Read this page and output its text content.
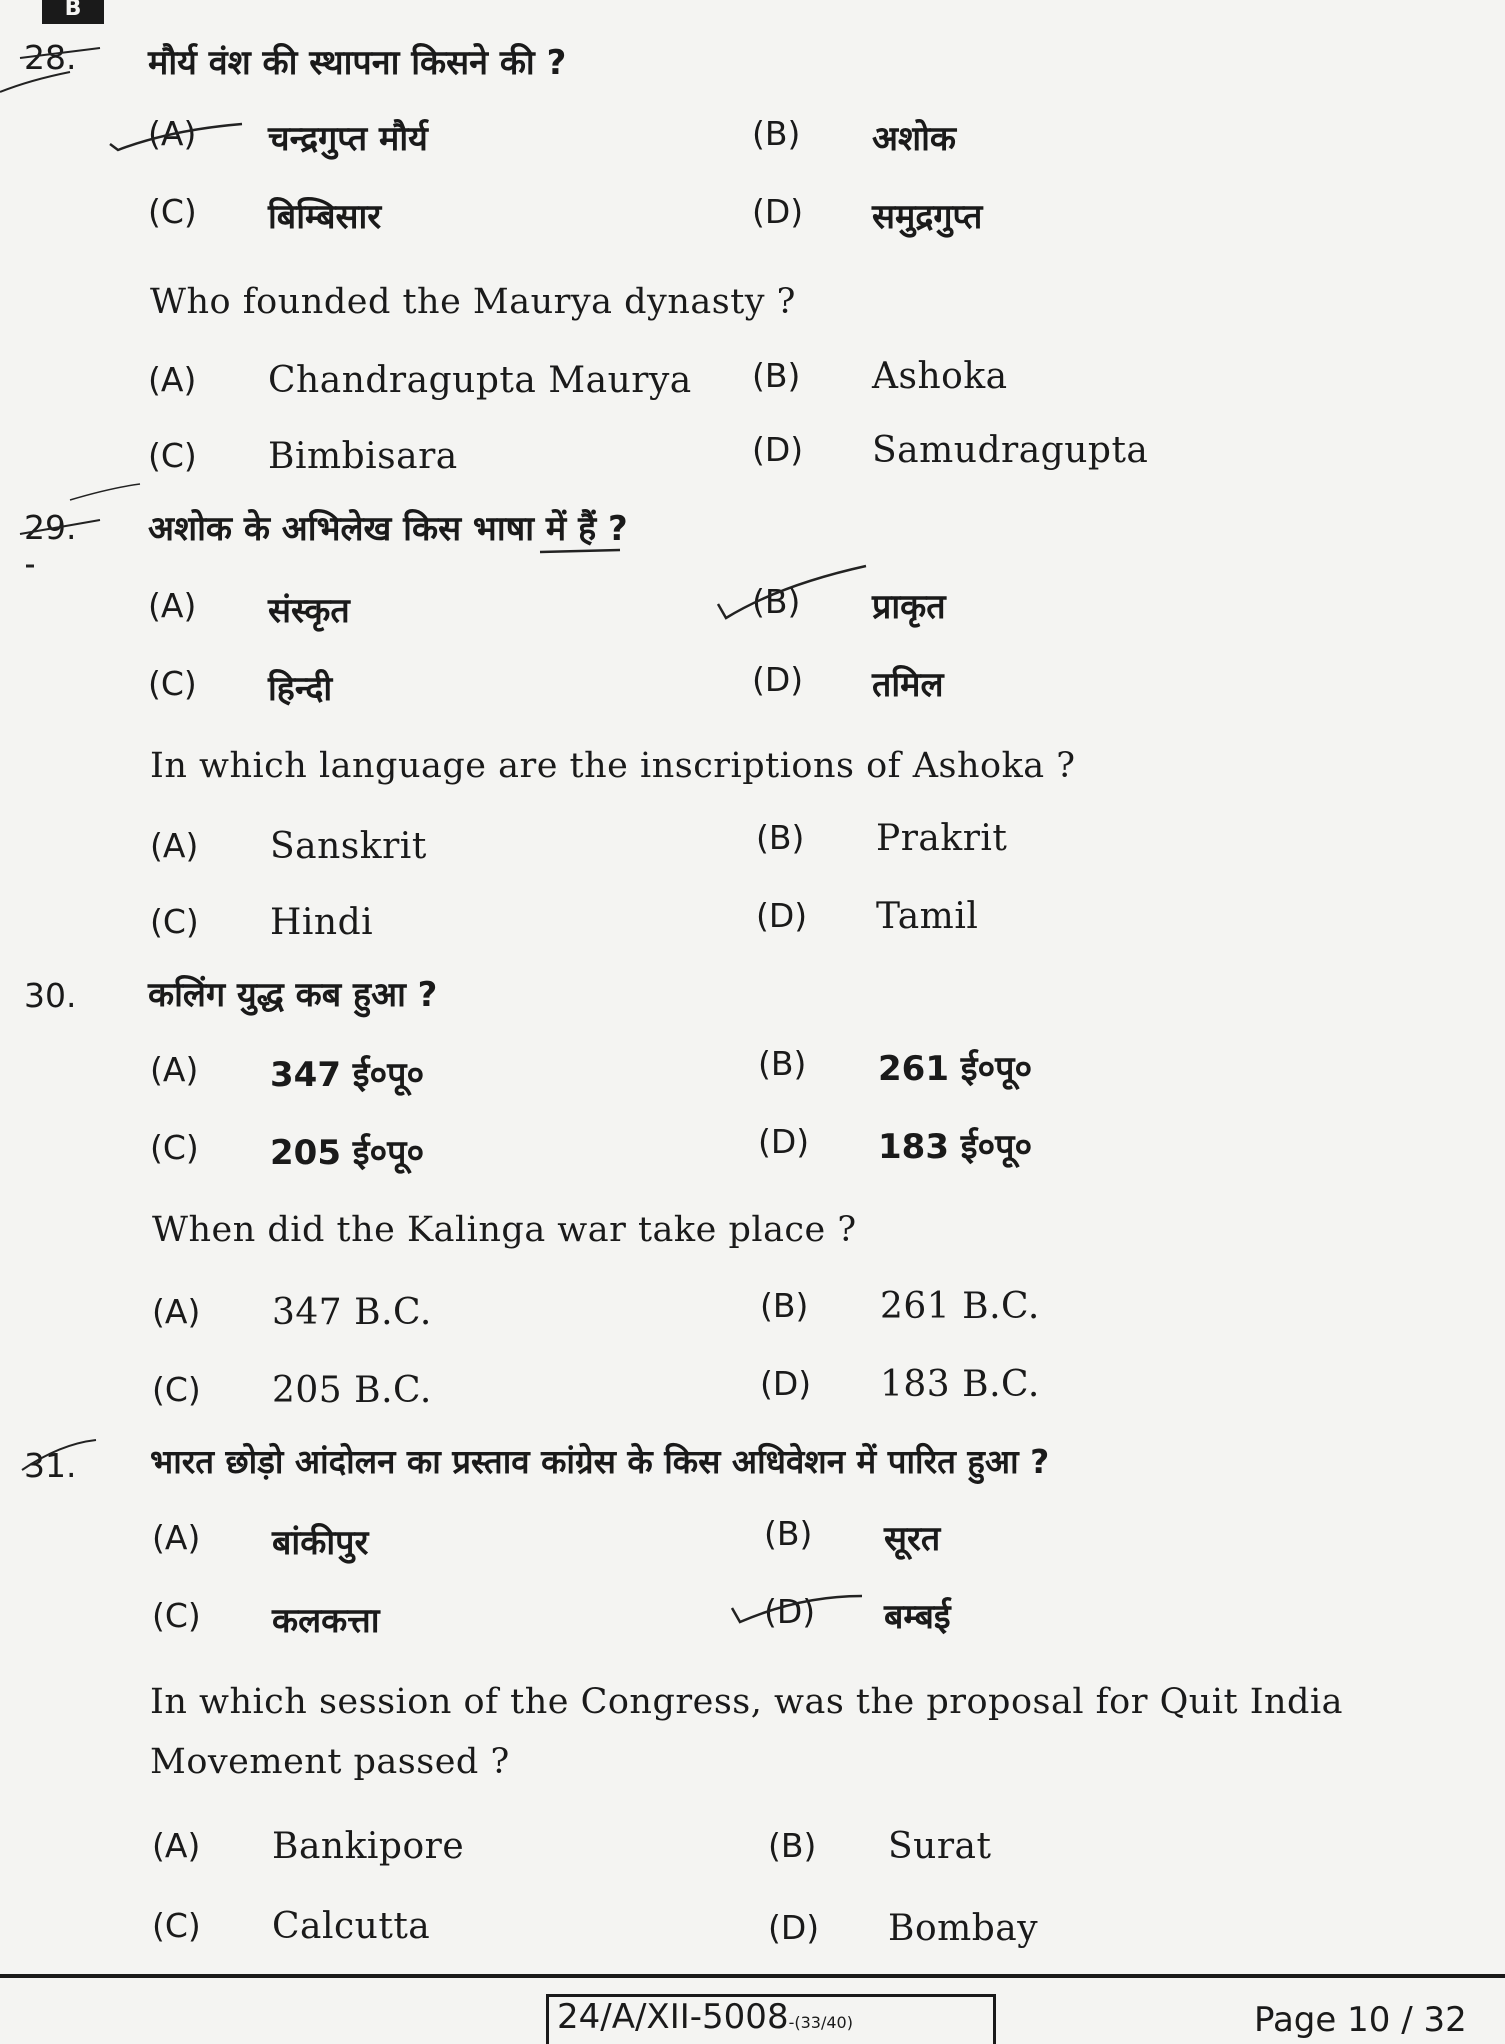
B
28.	मौर्य वंश की स्थापना किसने की ?
(A) चन्द्रगुप्त मौर्य	(B) अशोक
(C) बिम्बिसार	(D) समुद्रगुप्त
Who founded the Maurya dynasty ?
(A) Chandragupta Maurya (B) Ashoka
(C) Bimbisara	(D) Samudragupta
29.	अशोक के अभिलेख किस भाषा में हैं ?
(A) संस्कृत	(B) प्राकृत
(C) हिन्दी	(D) तमिल
In which language are the inscriptions of Ashoka ?
(A) Sanskrit	(B) Prakrit
(C) Hindi	(D) Tamil
30.	कलिंग युद्ध कब हुआ ?
(A) 347 ई०पू०	(B) 261 ई०पू०
(C) 205 ई०पू०	(D) 183 ई०पू०
When did the Kalinga war take place ?
(A) 347 B.C.	(B) 261 B.C.
(C) 205 B.C.	(D) 183 B.C.
31.	भारत छोड़ो आंदोलन का प्रस्ताव कांग्रेस के किस अधिवेशन में पारित हुआ ?
(A) बांकीपुर	(B) सूरत
(C) कलकत्ता	(D) बम्बई
In which session of the Congress, was the proposal for Quit India Movement passed ?
(A) Bankipore	(B) Surat
(C) Calcutta	(D) Bombay
24/A/XII-5008-(33/40)	Page 10 / 32
